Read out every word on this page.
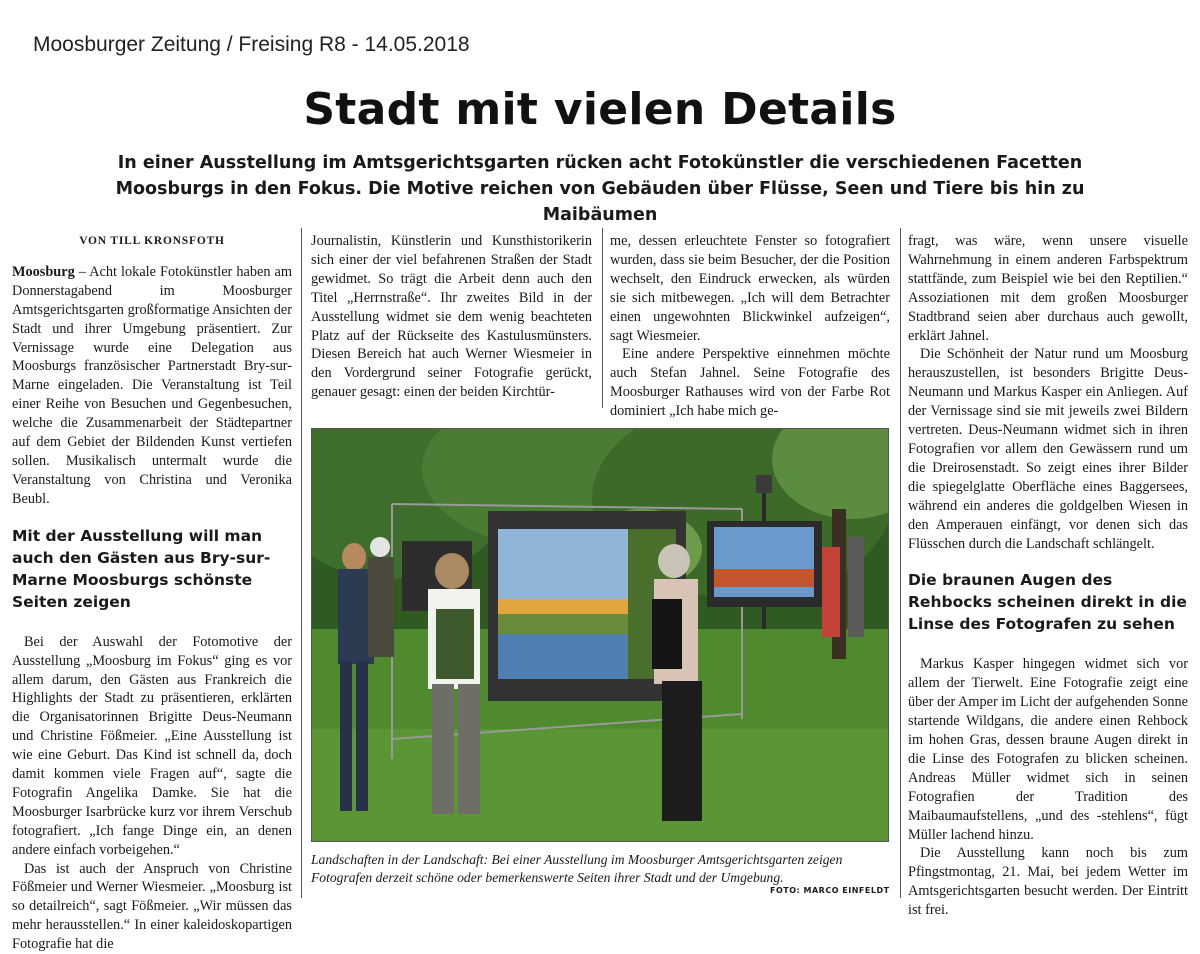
Moosburger Zeitung / Freising R8 - 14.05.2018
Stadt mit vielen Details
In einer Ausstellung im Amtsgerichtsgarten rücken acht Fotokünstler die verschiedenen Facetten Moosburgs in den Fokus. Die Motive reichen von Gebäuden über Flüsse, Seen und Tiere bis hin zu Maibäumen
VON TILL KRONSFOTH

Moosburg – Acht lokale Fotokünstler haben am Donnerstagabend im Moosburger Amtsgerichtsgarten großformatige Ansichten der Stadt und ihrer Umgebung präsentiert. Zur Vernissage wurde eine Delegation aus Moosburgs französischer Partnerstadt Bry-sur-Marne eingeladen. Die Veranstaltung ist Teil einer Reihe von Besuchen und Gegenbesuchen, welche die Zusammenarbeit der Städtepartner auf dem Gebiet der Bildenden Kunst vertiefen sollen. Musikalisch untermalt wurde die Veranstaltung von Christina und Veronika Beubl.

Mit der Ausstellung will man auch den Gästen aus Bry-sur-Marne Moosburgs schönste Seiten zeigen

Bei der Auswahl der Fotomotive der Ausstellung „Moosburg im Fokus“ ging es vor allem darum, den Gästen aus Frankreich die Highlights der Stadt zu präsentieren, erklärten die Organisatorinnen Brigitte Deus-Neumann und Christine Fößmeier. „Eine Ausstellung ist wie eine Geburt. Das Kind ist schnell da, doch damit kommen viele Fragen auf“, sagte die Fotografin Angelika Damke. Sie hat die Moosburger Isarbrücke kurz vor ihrem Verschub fotografiert. „Ich fange Dinge ein, an denen andere einfach vorbeigehen.“

Das ist auch der Anspruch von Christine Fößmeier und Werner Wiesmeier. „Moosburg ist so detailreich“, sagt Fößmeier. „Wir müssen das mehr herausstellen.“ In einer kaleidoskopartigen Fotografie hat die

Journalistin, Künstlerin und Kunsthistorikerin sich einer der viel befahrenen Straßen der Stadt gewidmet. So trägt die Arbeit denn auch den Titel „Herrnstraße“. Ihr zweites Bild in der Ausstellung widmet sie dem wenig beachteten Platz auf der Rückseite des Kastulusmünsters. Diesen Bereich hat auch Werner Wiesmeier in den Vordergrund seiner Fotografie gerückt, genauer gesagt: einen der beiden Kirchtür-

me, dessen erleuchtete Fenster so fotografiert wurden, dass sie beim Besucher, der die Position wechselt, den Eindruck erwecken, als würden sie sich mitbewegen. „Ich will dem Betrachter einen ungewohnten Blickwinkel aufzeigen“, sagt Wiesmeier.

Eine andere Perspektive einnehmen möchte auch Stefan Jahnel. Seine Fotografie des Moosburger Rathauses wird von der Farbe Rot dominiert „Ich habe mich ge-

fragt, was wäre, wenn unsere visuelle Wahrnehmung in einem anderen Farbspektrum stattfände, zum Beispiel wie bei den Reptilien.“ Assoziationen mit dem großen Moosburger Stadtbrand seien aber durchaus auch gewollt, erklärt Jahnel.

Die Schönheit der Natur rund um Moosburg herauszustellen, ist besonders Brigitte Deus-Neumann und Markus Kasper ein Anliegen. Auf der Vernissage sind sie mit jeweils zwei Bildern vertreten. Deus-Neumann widmet sich in ihren Fotografien vor allem den Gewässern rund um die Dreirosenstadt. So zeigt eines ihrer Bilder die spiegelglatte Oberfläche eines Baggersees, während ein anderes die goldgelben Wiesen in den Amperauen einfängt, vor denen sich das Flüsschen durch die Landschaft schlängelt.

Die braunen Augen des Rehbocks scheinen direkt in die Linse des Fotografen zu sehen

Markus Kasper hingegen widmet sich vor allem der Tierwelt. Eine Fotografie zeigt eine über der Amper im Licht der aufgehenden Sonne startende Wildgans, die andere einen Rehbock im hohen Gras, dessen braune Augen direkt in die Linse des Fotografen zu blicken scheinen. Andreas Müller widmet sich in seinen Fotografien der Tradition des Maibaumaufstellens, „und des -stehlens“, fügt Müller lachend hinzu.

Die Ausstellung kann noch bis zum Pfingstmontag, 21. Mai, bei jedem Wetter im Amtsgerichtsgarten besucht werden. Der Eintritt ist frei.

Landschaften in der Landschaft: Bei einer Ausstellung im Moosburger Amtsgerichtsgarten zeigen Fotografen derzeit schöne oder bemerkenswerte Seiten ihrer Stadt und der Umgebung.
FOTO: MARCO EINFELDT
